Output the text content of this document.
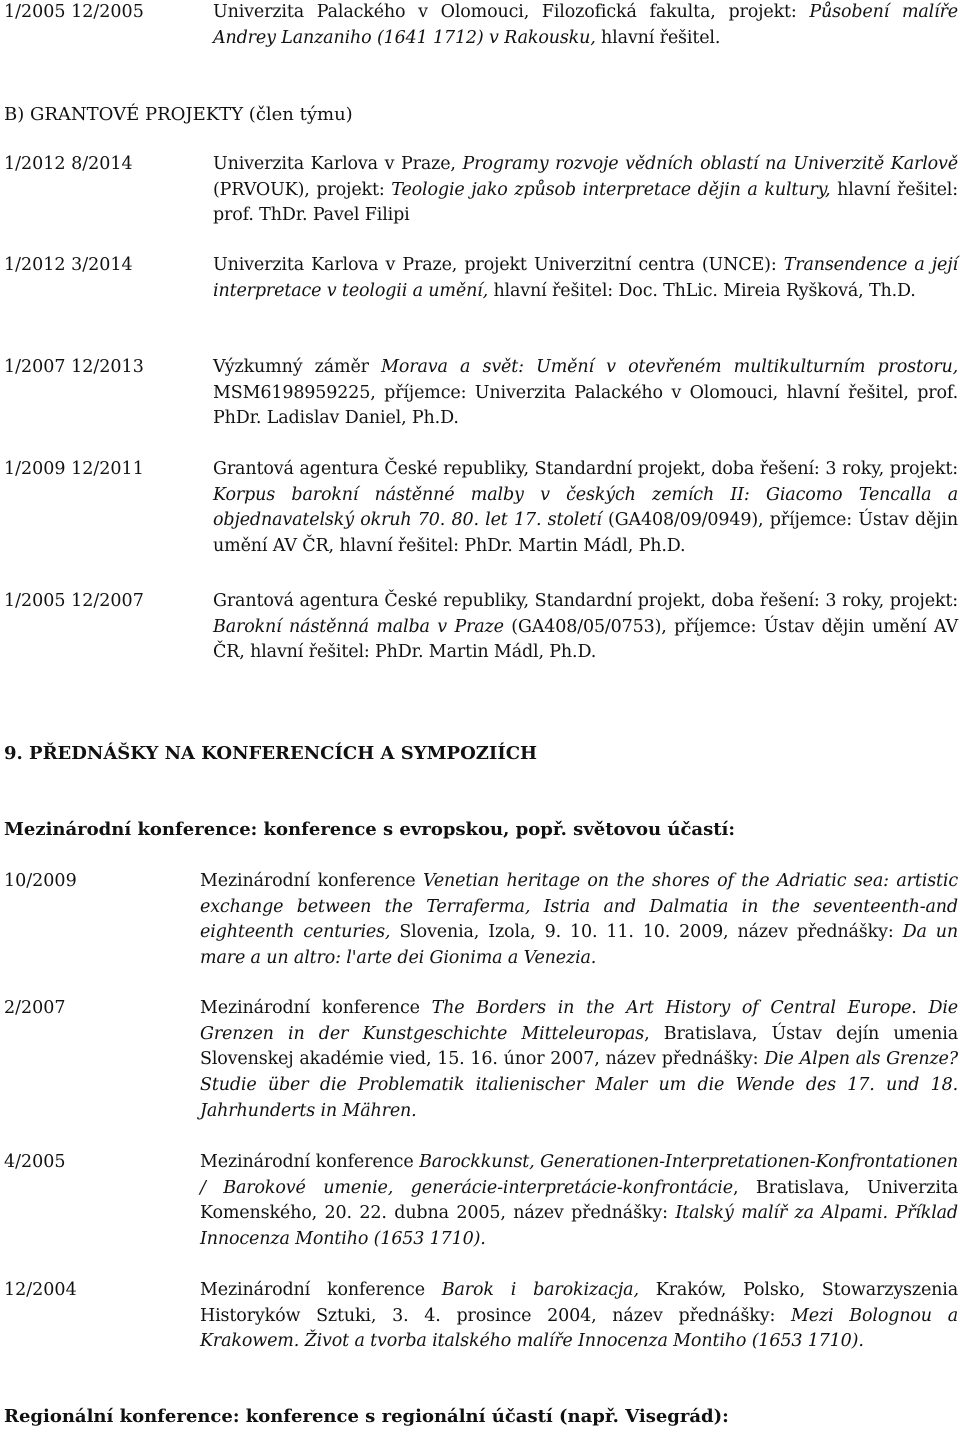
1/2005 12/2005	Univerzita Palackého v Olomouci, Filozofická fakulta, projekt: Působení malíře Andrey Lanzaniho (1641 1712) v Rakousku, hlavní řešitel.
B) GRANTOVÉ PROJEKTY (člen týmu)
1/2012 8/2014	Univerzita Karlova v Praze, Programy rozvoje vědních oblastí na Univerzitě Karlově (PRVOUK), projekt: Teologie jako způsob interpretace dějin a kultury, hlavní řešitel: prof. ThDr. Pavel Filipi
1/2012 3/2014	Univerzita Karlova v Praze, projekt Univerzitní centra (UNCE): Transendence a její interpretace v teologii a umění, hlavní řešitel: Doc. ThLic. Mireia Ryšková, Th.D.
1/2007 12/2013	Výzkumný záměr Morava a svět: Umění v otevřeném multikulturním prostoru, MSM6198959225, příjemce: Univerzita Palackého v Olomouci, hlavní řešitel, prof. PhDr. Ladislav Daniel, Ph.D.
1/2009 12/2011	Grantová agentura České republiky, Standardní projekt, doba řešení: 3 roky, projekt: Korpus barokní nástěnné malby v českých zemích II: Giacomo Tencalla a objednavatelský okruh 70. 80. let 17. století (GA408/09/0949), příjemce: Ústav dějin umění AV ČR, hlavní řešitel: PhDr. Martin Mádl, Ph.D.
1/2005 12/2007	Grantová agentura České republiky, Standardní projekt, doba řešení: 3 roky, projekt: Barokní nástěnná malba v Praze (GA408/05/0753), příjemce: Ústav dějin umění AV ČR, hlavní řešitel: PhDr. Martin Mádl, Ph.D.
9. PŘEDNÁŠKY NA KONFERENCÍCH A SYMPOZIÍCH
Mezinárodní konference: konference s evropskou, popř. světovou účastí:
10/2009	Mezinárodní konference Venetian heritage on the shores of the Adriatic sea: artistic exchange between the Terraferma, Istria and Dalmatia in the seventeenth-and eighteenth centuries, Slovenia, Izola, 9. 10. 11. 10. 2009, název přednášky: Da un mare a un altro: l'arte dei Gionima a Venezia.
2/2007	Mezinárodní konference The Borders in the Art History of Central Europe. Die Grenzen in der Kunstgeschichte Mitteleuropas, Bratislava, Ústav dejín umenia Slovenskej akadémie vied, 15. 16. únor 2007, název přednášky: Die Alpen als Grenze? Studie über die Problematik italienischer Maler um die Wende des 17. und 18. Jahrhunderts in Mähren.
4/2005	Mezinárodní konference Barockkunst, Generationen-Interpretationen-Konfrontationen / Barokové umenie, generácie-interpretácie-konfrontácie, Bratislava, Univerzita Komenského, 20. 22. dubna 2005, název přednášky: Italský malíř za Alpami. Příklad Innocenza Montiho (1653 1710).
12/2004	Mezinárodní konference Barok i barokizacja, Kraków, Polsko, Stowarzyszenia Historyków Sztuki, 3. 4. prosince 2004, název přednášky: Mezi Bolognou a Krakowem. Život a tvorba italského malíře Innocenza Montiho (1653 1710).
Regionální konference: konference s regionální účastí (např. Visegrád):
